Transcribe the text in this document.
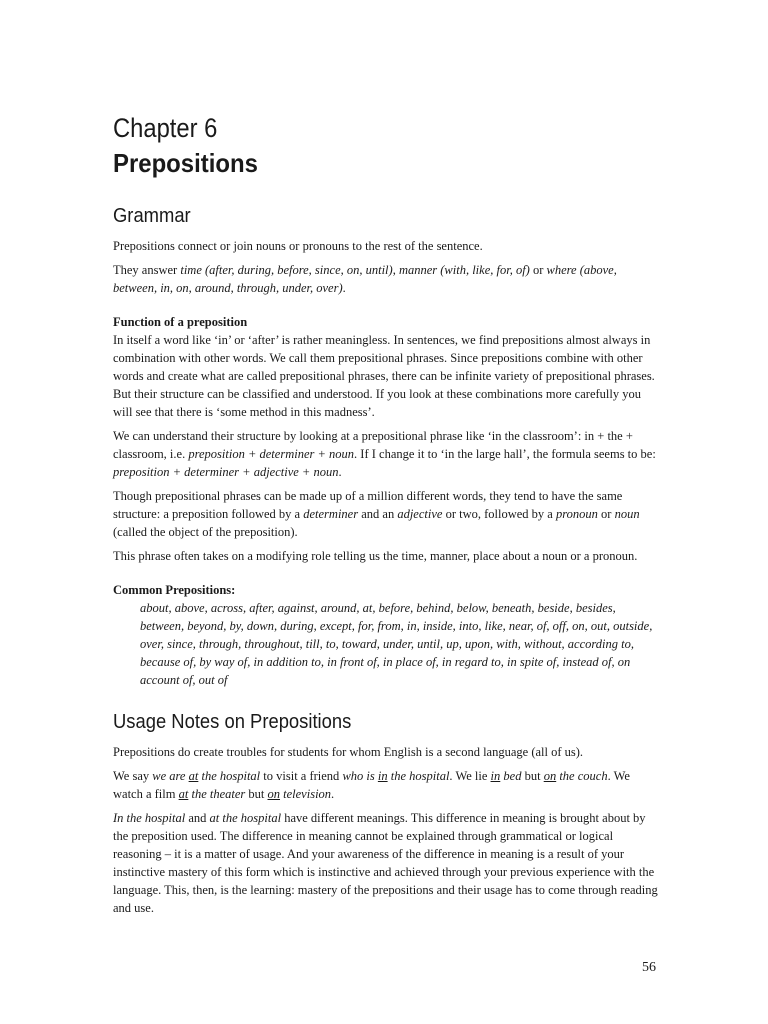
Chapter 6
Prepositions
Grammar

Prepositions connect or join nouns or pronouns to the rest of the sentence.

They answer time (after, during, before, since, on, until), manner (with, like, for, of) or where (above, between, in, on, around, through, under, over).

Function of a preposition

In itself a word like ‘in’ or ‘after’ is rather meaningless. In sentences, we find prepositions almost always in combination with other words. We call them prepositional phrases. Since prepositions combine with other words and create what are called prepositional phrases, there can be infinite variety of prepositional phrases. But their structure can be classified and understood. If you look at these combinations more carefully you will see that there is ‘some method in this madness’.

We can understand their structure by looking at a prepositional phrase like ‘in the classroom’: in + the + classroom, i.e. preposition + determiner + noun. If I change it to ‘in the large hall’, the formula seems to be: preposition + determiner + adjective + noun.

Though prepositional phrases can be made up of a million different words, they tend to have the same structure: a preposition followed by a determiner and an adjective or two, followed by a pronoun or noun (called the object of the preposition).

This phrase often takes on a modifying role telling us the time, manner, place about a noun or a pronoun.

Common Prepositions:

about, above, across, after, against, around, at, before, behind, below, beneath, beside, besides, between, beyond, by, down, during, except, for, from, in, inside, into, like, near, of, off, on, out, outside, over, since, through, throughout, till, to, toward, under, until, up, upon, with, without, according to, because of, by way of, in addition to, in front of, in place of, in regard to, in spite of, instead of, on account of, out of

Usage Notes on Prepositions

Prepositions do create troubles for students for whom English is a second language (all of us).

We say we are at the hospital to visit a friend who is in the hospital. We lie in bed but on the couch. We watch a film at the theater but on television.

In the hospital and at the hospital have different meanings. This difference in meaning is brought about by the preposition used. The difference in meaning cannot be explained through grammatical or logical reasoning – it is a matter of usage. And your awareness of the difference in meaning is a result of your instinctive mastery of this form which is instinctive and achieved through your previous experience with the language. This, then, is the learning: mastery of the prepositions and their usage has to come through reading and use.

56
